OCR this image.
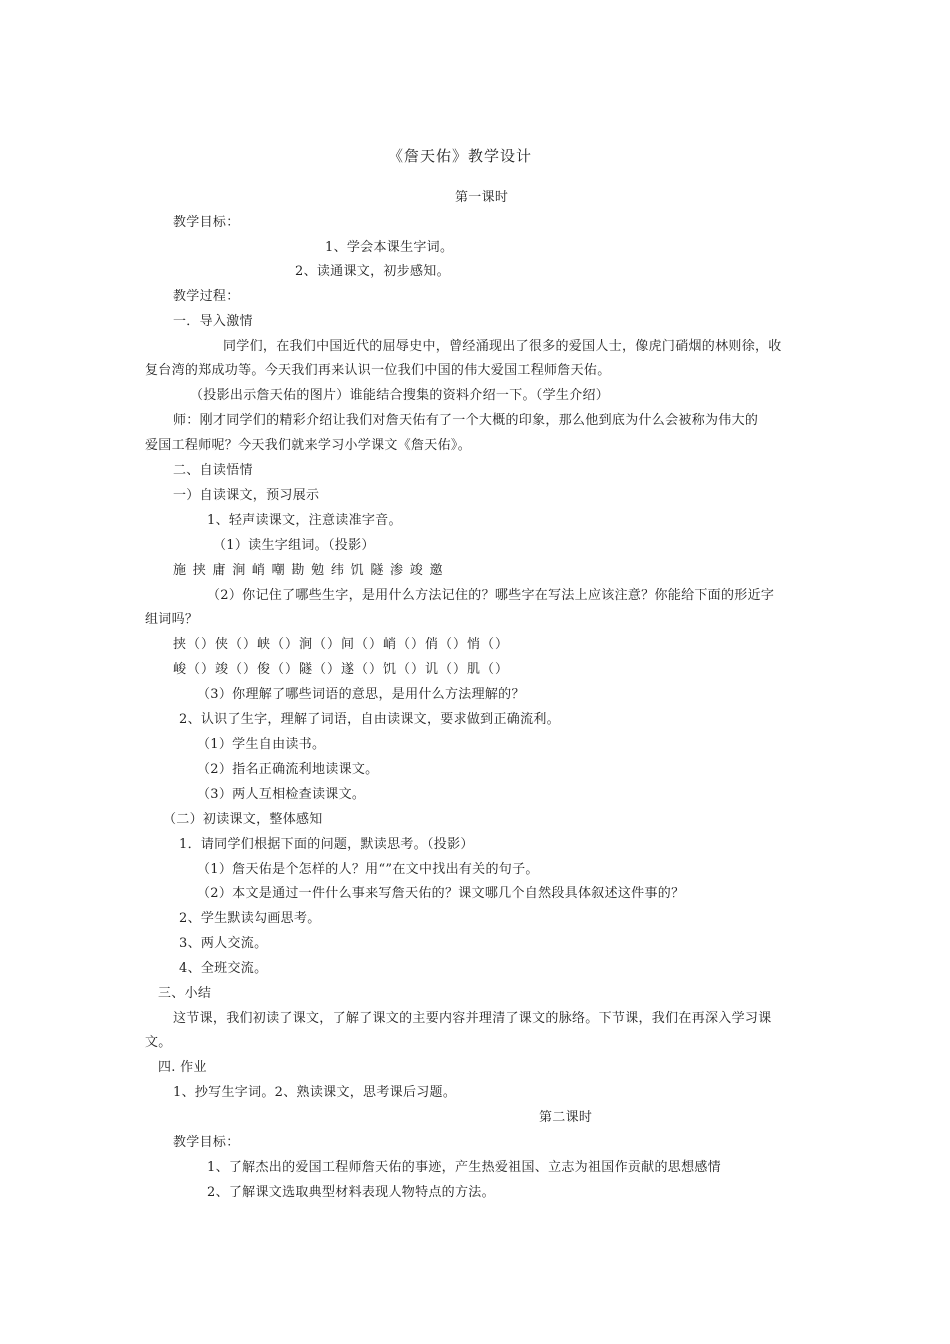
《詹天佑》教学设计
第一课时
教学目标：
1、学会本课生字词。
2、读通课文，初步感知。
教学过程：
一．导入激情
同学们，在我们中国近代的屈辱史中，曾经涌现出了很多的爱国人士，像虎门硝烟的林则徐，收
复台湾的郑成功等。今天我们再来认识一位我们中国的伟大爱国工程师詹天佑。
（投影出示詹天佑的图片）谁能结合搜集的资料介绍一下。（学生介绍）
师：刚才同学们的精彩介绍让我们对詹天佑有了一个大概的印象，那么他到底为什么会被称为伟大的
爱国工程师呢？今天我们就来学习小学课文《詹天佑》。
二、自读悟情
一）自读课文，预习展示
1、轻声读课文，注意读准字音。
（1）读生字组词。（投影）
施 挟 庸 涧 峭 嘲 勘 勉 纬 饥 隧 渗 竣 邀
（2）你记住了哪些生字，是用什么方法记住的？哪些字在写法上应该注意？你能给下面的形近字
组词吗？
挟（）侠（）峡（）涧（）间（）峭（）俏（）悄（）
峻（）竣（）俊（）隧（）遂（）饥（）讥（）肌（）
（3）你理解了哪些词语的意思，是用什么方法理解的？
2、认识了生字，理解了词语，自由读课文，要求做到正确流利。
（1）学生自由读书。
（2）指名正确流利地读课文。
（3）两人互相检查读课文。
（二）初读课文，整体感知
1．请同学们根据下面的问题，默读思考。（投影）
（1）詹天佑是个怎样的人？用“”在文中找出有关的句子。
（2）本文是通过一件什么事来写詹天佑的？课文哪几个自然段具体叙述这件事的？
2、学生默读勾画思考。
3、两人交流。
4、全班交流。
三、小结
这节课，我们初读了课文，了解了课文的主要内容并理清了课文的脉络。下节课，我们在再深入学习课
文。
四. 作业
1、抄写生字词。2、熟读课文，思考课后习题。
第二课时
教学目标：
1、了解杰出的爱国工程师詹天佑的事迹，产生热爱祖国、立志为祖国作贡献的思想感情
2、了解课文选取典型材料表现人物特点的方法。
